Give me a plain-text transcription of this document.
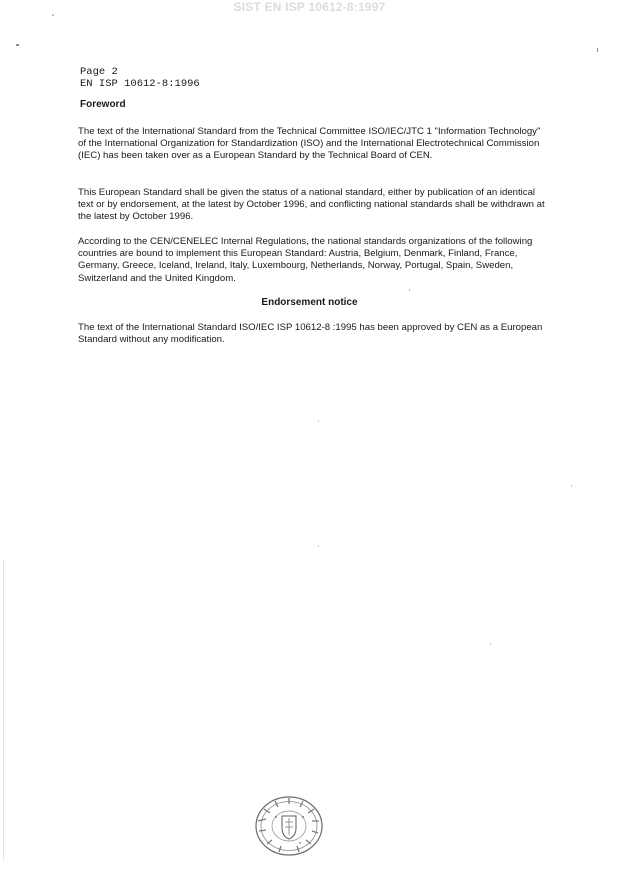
SIST EN ISP 10612-8:1997
Page 2
EN ISP 10612-8:1996
Foreword

The text of the International Standard from the Technical Committee ISO/IEC/JTC 1 "Information Technology" of the International Organization for Standardization (ISO) and the International Electrotechnical Commission (IEC) has been taken over as a European Standard by the Technical Board of CEN.

This European Standard shall be given the status of a national standard, either by publication of an identical text or by endorsement, at the latest by October 1996, and conflicting national standards shall be withdrawn at the latest by October 1996.

According to the CEN/CENELEC Internal Regulations, the national standards organizations of the following countries are bound to implement this European Standard: Austria, Belgium, Denmark, Finland, France, Germany, Greece, Iceland, Ireland, Italy, Luxembourg, Netherlands, Norway, Portugal, Spain, Sweden, Switzerland and the United Kingdom.

Endorsement notice

The text of the International Standard ISO/IEC ISP 10612-8 :1995 has been approved by CEN as a European Standard without any modification.
